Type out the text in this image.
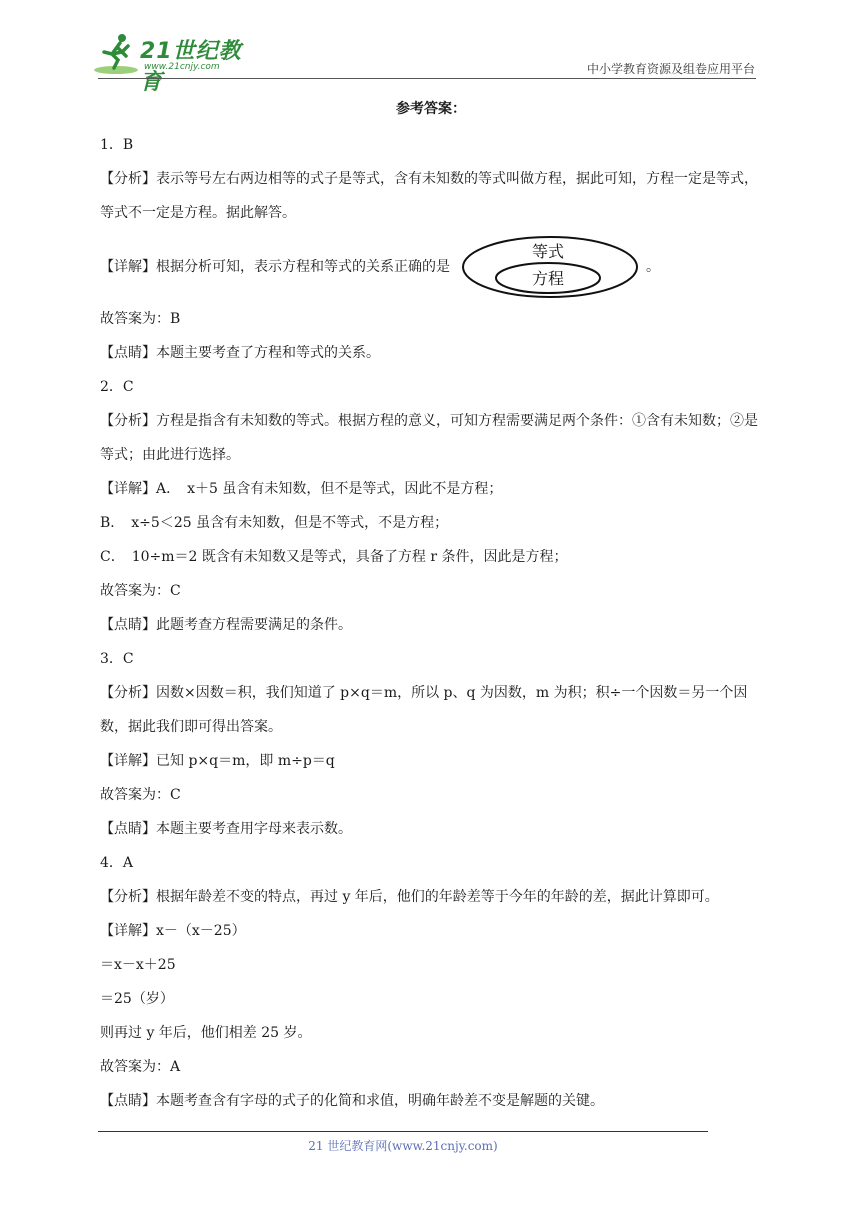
21世纪教育
www.21cnjy.com	中小学教育资源及组卷应用平台
参考答案：
1．B
【分析】表示等号左右两边相等的式子是等式，含有未知数的等式叫做方程，据此可知，方程一定是等式，等式不一定是方程。据此解答。
【详解】根据分析可知，表示方程和等式的关系正确的是
等式
方程
。
故答案为：B
【点睛】本题主要考查了方程和等式的关系。
2．C
【分析】方程是指含有未知数的等式。根据方程的意义，可知方程需要满足两个条件：①含有未知数；②是等式；由此进行选择。
【详解】A．　x＋5 虽含有未知数，但不是等式，因此不是方程；
B．　x÷5＜25 虽含有未知数，但是不等式，不是方程；
C．　10÷m＝2 既含有未知数又是等式，具备了方程 r 条件，因此是方程；
故答案为：C
【点睛】此题考查方程需要满足的条件。
3．C
【分析】因数×因数＝积，我们知道了 p×q＝m，所以 p、q 为因数，m 为积；积÷一个因数＝另一个因数，据此我们即可得出答案。
【详解】已知 p×q＝m，即 m÷p＝q
故答案为：C
【点睛】本题主要考查用字母来表示数。
4．A
【分析】根据年龄差不变的特点，再过 y 年后，他们的年龄差等于今年的年龄的差，据此计算即可。
【详解】x－（x－25）
＝x－x＋25
＝25（岁）
则再过 y 年后，他们相差 25 岁。
故答案为：A
【点睛】本题考查含有字母的式子的化简和求值，明确年龄差不变是解题的关键。
21 世纪教育网(www.21cnjy.com)
